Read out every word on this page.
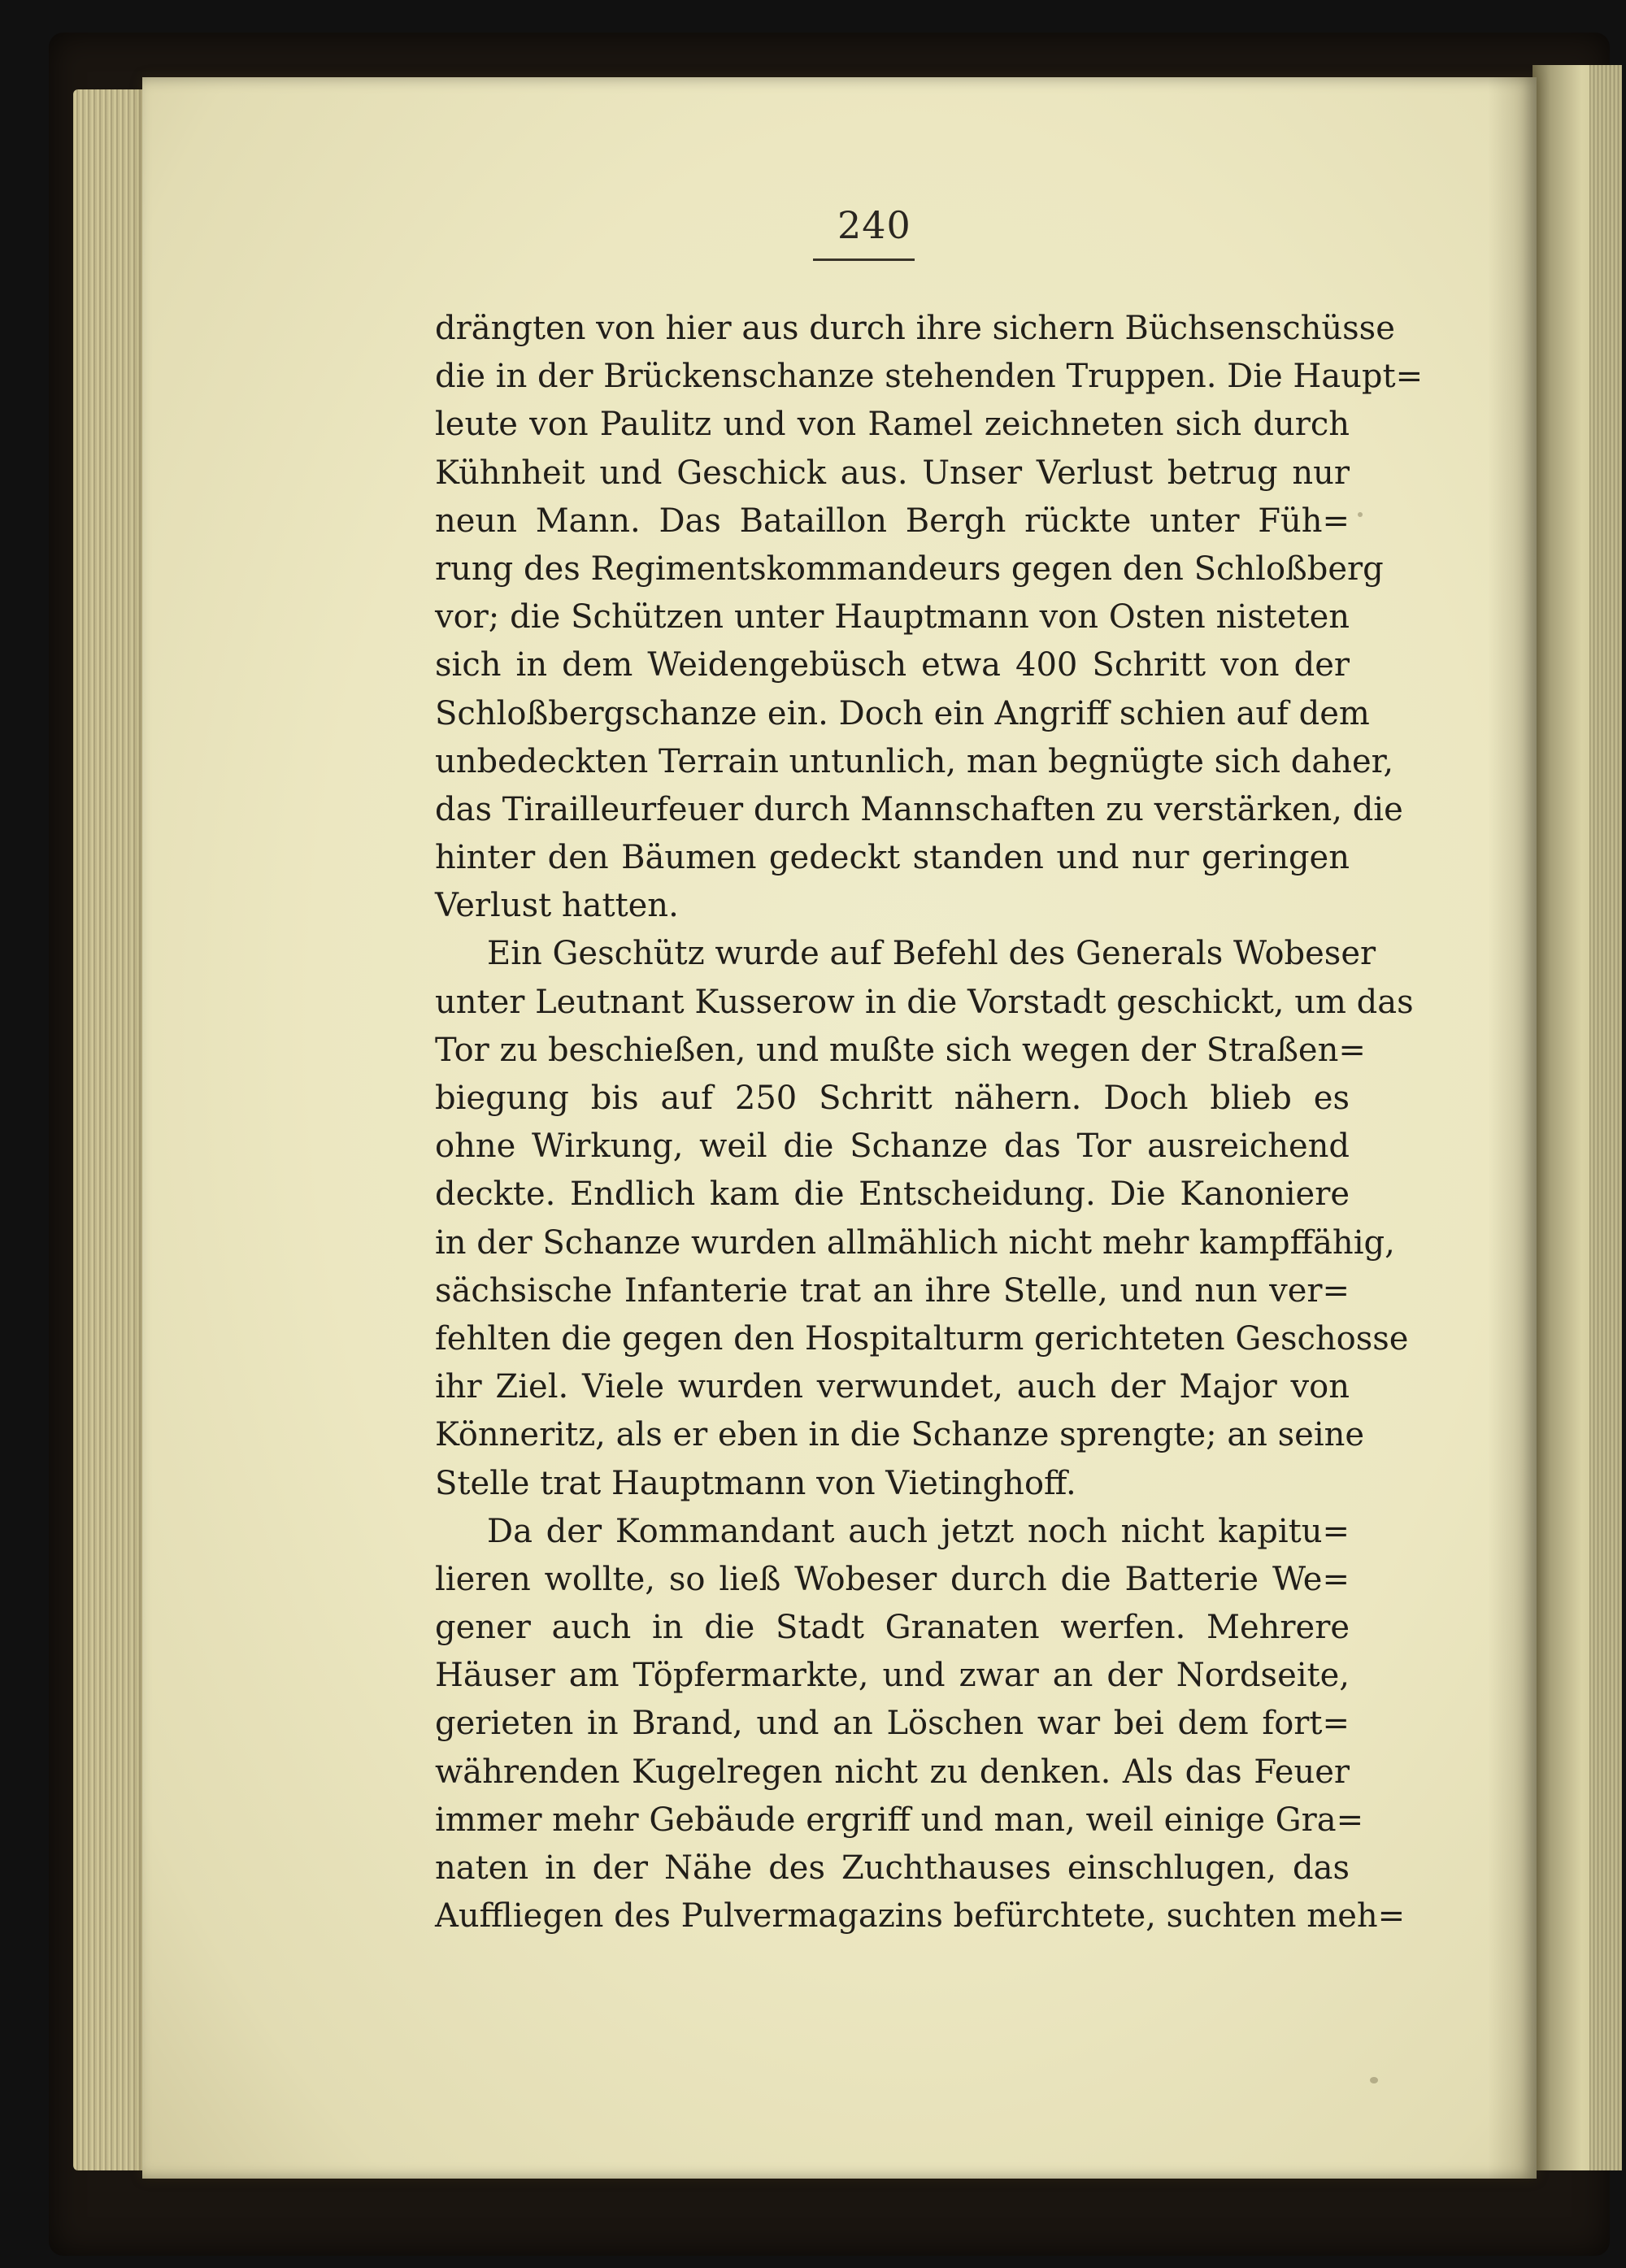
240
drängten von hier aus durch ihre sichern Büchsenschüsse
die in der Brückenschanze stehenden Truppen. Die Haupt=
leute von Paulitz und von Ramel zeichneten sich durch
Kühnheit und Geschick aus. Unser Verlust betrug nur
neun Mann. Das Bataillon Bergh rückte unter Füh=
rung des Regimentskommandeurs gegen den Schloßberg
vor; die Schützen unter Hauptmann von Osten nisteten
sich in dem Weidengebüsch etwa 400 Schritt von der
Schloßbergschanze ein. Doch ein Angriff schien auf dem
unbedeckten Terrain untunlich, man begnügte sich daher,
das Tirailleurfeuer durch Mannschaften zu verstärken, die
hinter den Bäumen gedeckt standen und nur geringen
Verlust hatten.
Ein Geschütz wurde auf Befehl des Generals Wobeser
unter Leutnant Kusserow in die Vorstadt geschickt, um das
Tor zu beschießen, und mußte sich wegen der Straßen=
biegung bis auf 250 Schritt nähern. Doch blieb es
ohne Wirkung, weil die Schanze das Tor ausreichend
deckte. Endlich kam die Entscheidung. Die Kanoniere
in der Schanze wurden allmählich nicht mehr kampffähig,
sächsische Infanterie trat an ihre Stelle, und nun ver=
fehlten die gegen den Hospitalturm gerichteten Geschosse
ihr Ziel. Viele wurden verwundet, auch der Major von
Könneritz, als er eben in die Schanze sprengte; an seine
Stelle trat Hauptmann von Vietinghoff.
Da der Kommandant auch jetzt noch nicht kapitu=
lieren wollte, so ließ Wobeser durch die Batterie We=
gener auch in die Stadt Granaten werfen. Mehrere
Häuser am Töpfermarkte, und zwar an der Nordseite,
gerieten in Brand, und an Löschen war bei dem fort=
währenden Kugelregen nicht zu denken. Als das Feuer
immer mehr Gebäude ergriff und man, weil einige Gra=
naten in der Nähe des Zuchthauses einschlugen, das
Auffliegen des Pulvermagazins befürchtete, suchten meh=
